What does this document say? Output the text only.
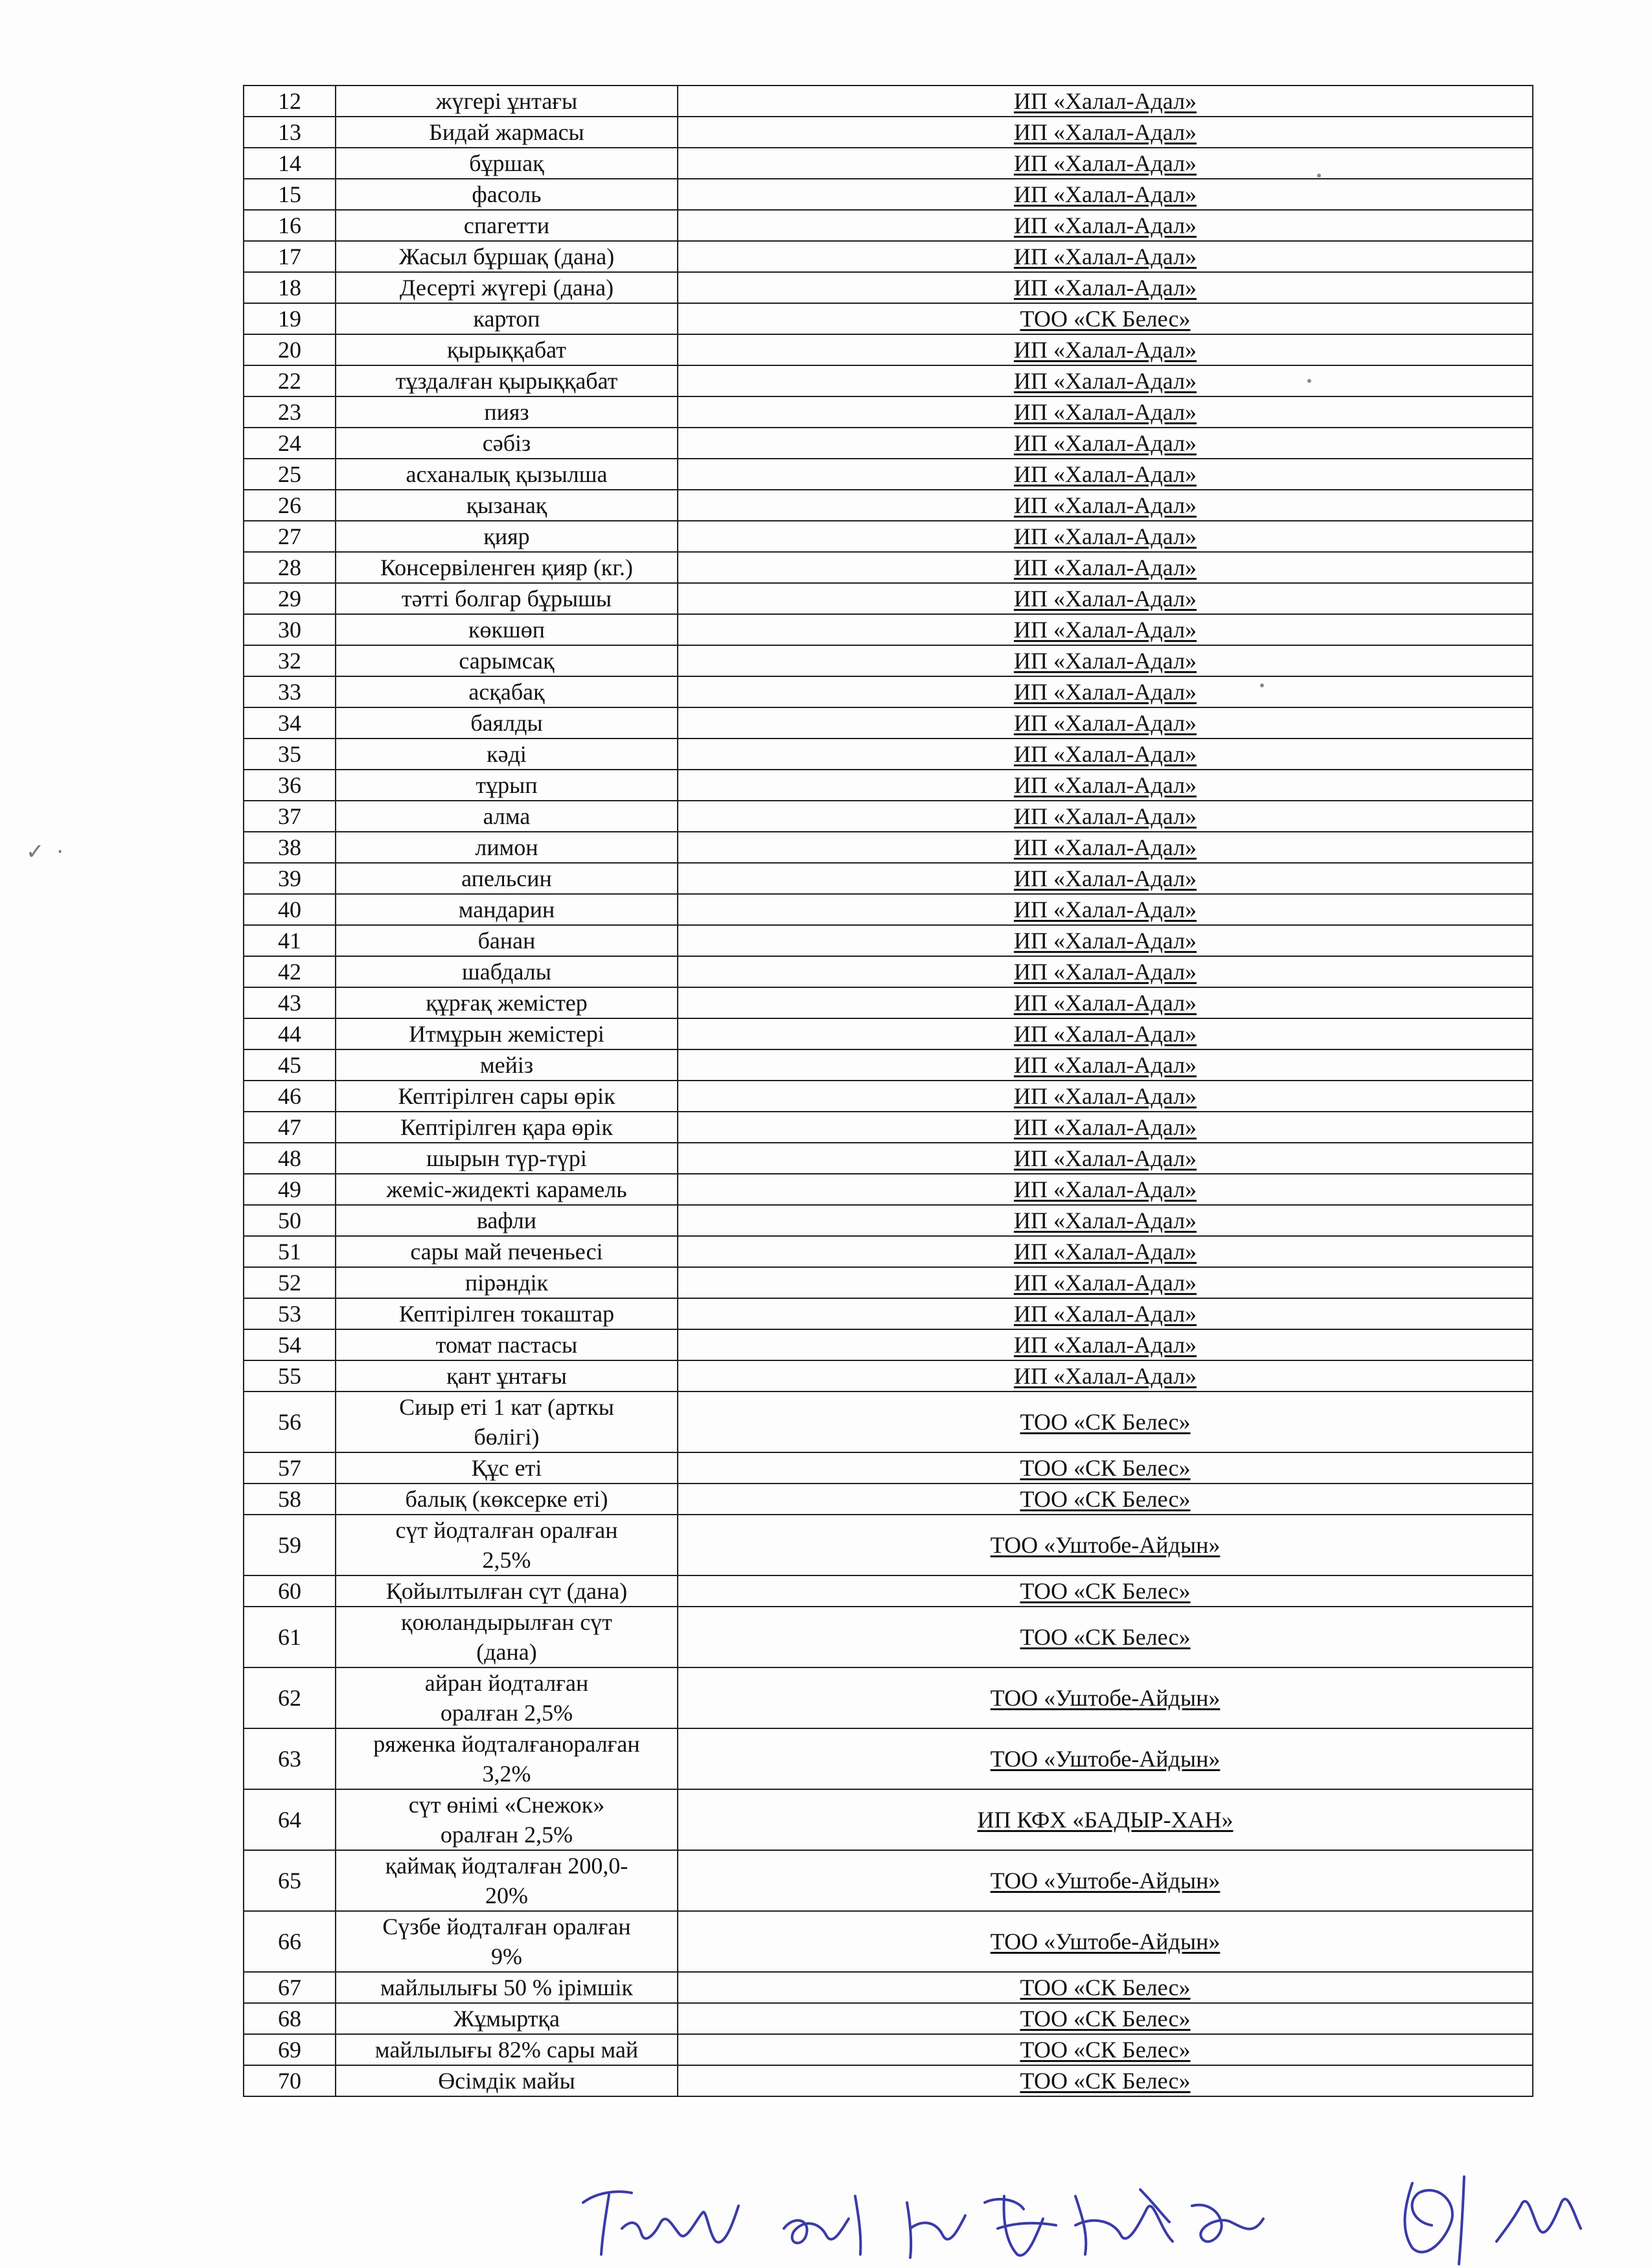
12	жүгері ұнтағы	ИП «Халал-Адал»
13	Бидай жармасы	ИП «Халал-Адал»
14	бұршақ	ИП «Халал-Адал»
15	фасоль	ИП «Халал-Адал»
16	спагетти	ИП «Халал-Адал»
17	Жасыл бұршақ (дана)	ИП «Халал-Адал»
18	Десерті жүгері (дана)	ИП «Халал-Адал»
19	картоп	ТОО «СК Белес»
20	қырыққабат	ИП «Халал-Адал»
22	тұздалған қырыққабат	ИП «Халал-Адал»
23	пияз	ИП «Халал-Адал»
24	сәбіз	ИП «Халал-Адал»
25	асханалық қызылша	ИП «Халал-Адал»
26	қызанақ	ИП «Халал-Адал»
27	қияр	ИП «Халал-Адал»
28	Консервіленген қияр (кг.)	ИП «Халал-Адал»
29	тәтті болгар бұрышы	ИП «Халал-Адал»
30	көкшөп	ИП «Халал-Адал»
32	сарымсақ	ИП «Халал-Адал»
33	асқабақ	ИП «Халал-Адал»
34	баялды	ИП «Халал-Адал»
35	кәді	ИП «Халал-Адал»
36	тұрып	ИП «Халал-Адал»
37	алма	ИП «Халал-Адал»
38	лимон	ИП «Халал-Адал»
39	апельсин	ИП «Халал-Адал»
40	мандарин	ИП «Халал-Адал»
41	банан	ИП «Халал-Адал»
42	шабдалы	ИП «Халал-Адал»
43	құрғақ жемістер	ИП «Халал-Адал»
44	Итмұрын жемістері	ИП «Халал-Адал»
45	мейіз	ИП «Халал-Адал»
46	Кептірілген сары өрік	ИП «Халал-Адал»
47	Кептірілген қара өрік	ИП «Халал-Адал»
48	шырын түр-түрі	ИП «Халал-Адал»
49	жеміс-жидекті карамель	ИП «Халал-Адал»
50	вафли	ИП «Халал-Адал»
51	сары май печеньесі	ИП «Халал-Адал»
52	пірәндік	ИП «Халал-Адал»
53	Кептірілген токаштар	ИП «Халал-Адал»
54	томат пастасы	ИП «Халал-Адал»
55	қант ұнтағы	ИП «Халал-Адал»
56	Сиыр еті 1 кат (арткы
бөлігі)	ТОО «СК Белес»
57	Құс еті	ТОО «СК Белес»
58	балық (көксерке еті)	ТОО «СК Белес»
59	сүт йодталған оралған
2,5%	ТОО «Уштобе-Айдын»
60	Қойылтылған сүт (дана)	ТОО «СК Белес»
61	қоюландырылған сүт
(дана)	ТОО «СК Белес»
62	айран йодталған
оралған 2,5%	ТОО «Уштобе-Айдын»
63	ряженка йодталғаноралған
3,2%	ТОО «Уштобе-Айдын»
64	сүт өнімі «Снежок»
оралған 2,5%	ИП КФХ «БАДЫР-ХАН»
65	қаймақ йодталған 200,0-
20%	ТОО «Уштобе-Айдын»
66	Сүзбе йодталған оралған
9%	ТОО «Уштобе-Айдын»
67	майлылығы 50 % ірімшік	ТОО «СК Белес»
68	Жұмыртқа	ТОО «СК Белес»
69	майлылығы 82% сары май	ТОО «СК Белес»
70	Өсімдік майы	ТОО «СК Белес»
✓ ·
